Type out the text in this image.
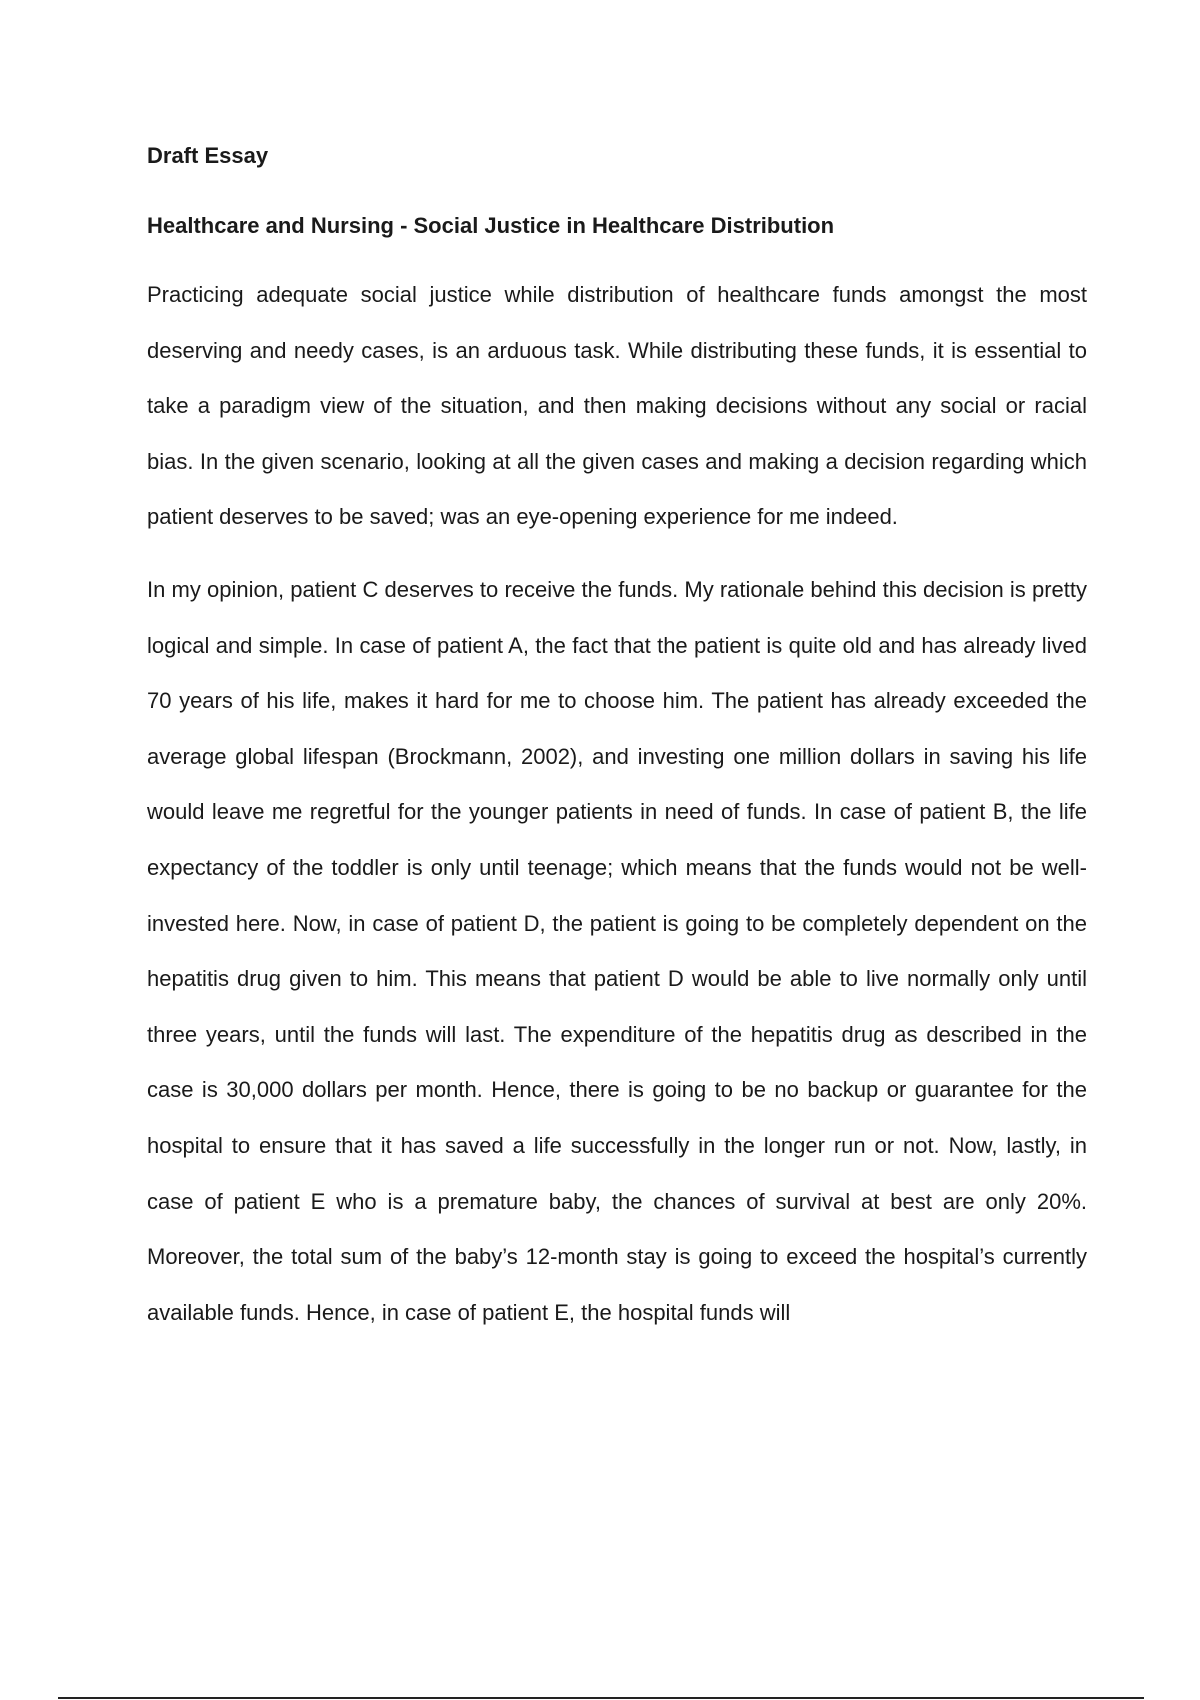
Draft Essay
Healthcare and Nursing - Social Justice in Healthcare Distribution

Practicing adequate social justice while distribution of healthcare funds amongst the most deserving and needy cases, is an arduous task. While distributing these funds, it is essential to take a paradigm view of the situation, and then making decisions without any social or racial bias. In the given scenario, looking at all the given cases and making a decision regarding which patient deserves to be saved; was an eye-opening experience for me indeed.

In my opinion, patient C deserves to receive the funds. My rationale behind this decision is pretty logical and simple. In case of patient A, the fact that the patient is quite old and has already lived 70 years of his life, makes it hard for me to choose him. The patient has already exceeded the average global lifespan (Brockmann, 2002), and investing one million dollars in saving his life would leave me regretful for the younger patients in need of funds. In case of patient B, the life expectancy of the toddler is only until teenage; which means that the funds would not be well-invested here. Now, in case of patient D, the patient is going to be completely dependent on the hepatitis drug given to him. This means that patient D would be able to live normally only until three years, until the funds will last. The expenditure of the hepatitis drug as described in the case is 30,000 dollars per month. Hence, there is going to be no backup or guarantee for the hospital to ensure that it has saved a life successfully in the longer run or not. Now, lastly, in case of patient E who is a premature baby, the chances of survival at best are only 20%. Moreover, the total sum of the baby’s 12-month stay is going to exceed the hospital’s currently available funds. Hence, in case of patient E, the hospital funds will
